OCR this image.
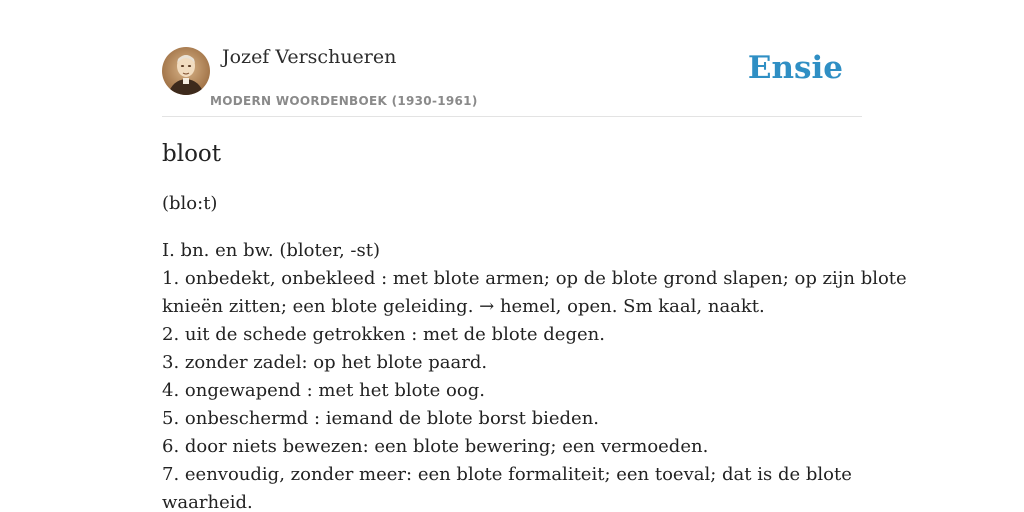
Jozef Verschueren
MODERN WOORDENBOEK (1930-1961)
Ensie
bloot

(blo:t)

I. bn. en bw. (bloter, -st)
1. onbedekt, onbekleed : met blote armen; op de blote grond slapen; op zijn blote
knieën zitten; een blote geleiding. → hemel, open. Sm kaal, naakt.
2. uit de schede getrokken : met de blote degen.
3. zonder zadel: op het blote paard.
4. ongewapend : met het blote oog.
5. onbeschermd : iemand de blote borst bieden.
6. door niets bewezen: een blote bewering; een vermoeden.
7. eenvoudig, zonder meer: een blote formaliteit; een toeval; dat is de blote
waarheid.
